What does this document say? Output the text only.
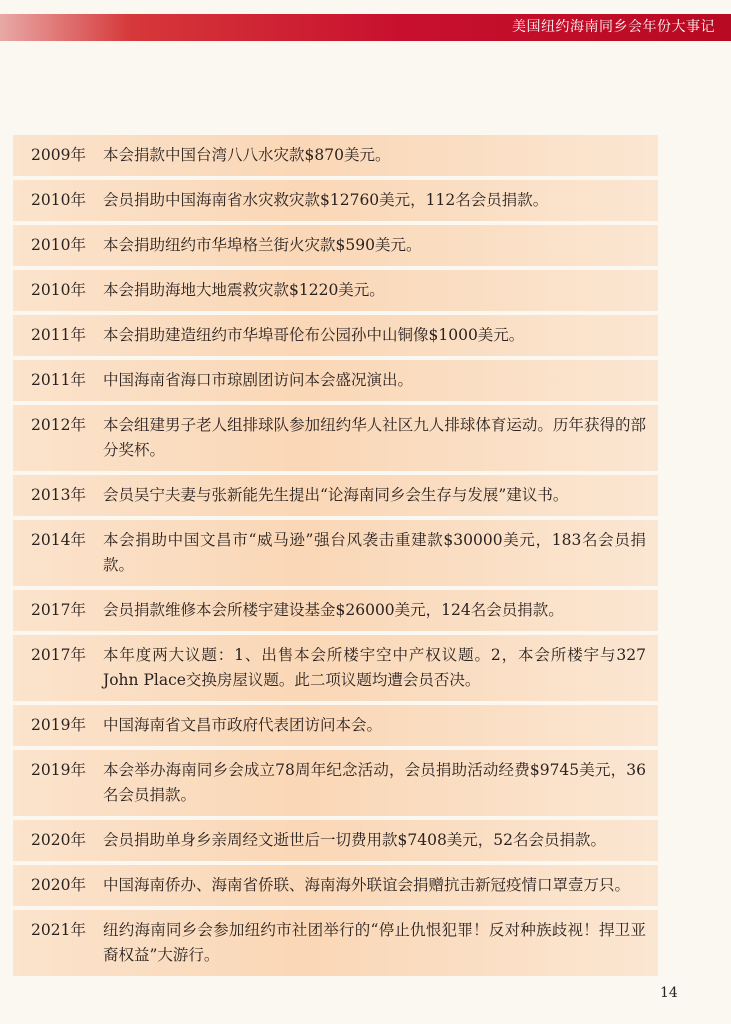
美国纽约海南同乡会年份大事记
2009年	本会捐款中国台湾八八水灾款$870美元。
2010年	会员捐助中国海南省水灾救灾款$12760美元，112名会员捐款。
2010年	本会捐助纽约市华埠格兰街火灾款$590美元。
2010年	本会捐助海地大地震救灾款$1220美元。
2011年	本会捐助建造纽约市华埠哥伦布公园孙中山铜像$1000美元。
2011年	中国海南省海口市琼剧团访问本会盛况演出。
2012年	本会组建男子老人组排球队参加纽约华人社区九人排球体育运动。历年获得的部分奖杯。
2013年	会员吴宁夫妻与张新能先生提出“论海南同乡会生存与发展”建议书。
2014年	本会捐助中国文昌市“威马逊”强台风袭击重建款$30000美元，183名会员捐款。
2017年	会员捐款维修本会所楼宇建设基金$26000美元，124名会员捐款。
2017年	本年度两大议题：1、出售本会所楼宇空中产权议题。2，本会所楼宇与327 John Place交换房屋议题。此二项议题均遭会员否决。
2019年	中国海南省文昌市政府代表团访问本会。
2019年	本会举办海南同乡会成立78周年纪念活动，会员捐助活动经费$9745美元，36名会员捐款。
2020年	会员捐助单身乡亲周经文逝世后一切费用款$7408美元，52名会员捐款。
2020年	中国海南侨办、海南省侨联、海南海外联谊会捐赠抗击新冠疫情口罩壹万只。
2021年	纽约海南同乡会参加纽约市社团举行的“停止仇恨犯罪！反对种族歧视！捍卫亚裔权益”大游行。
14
